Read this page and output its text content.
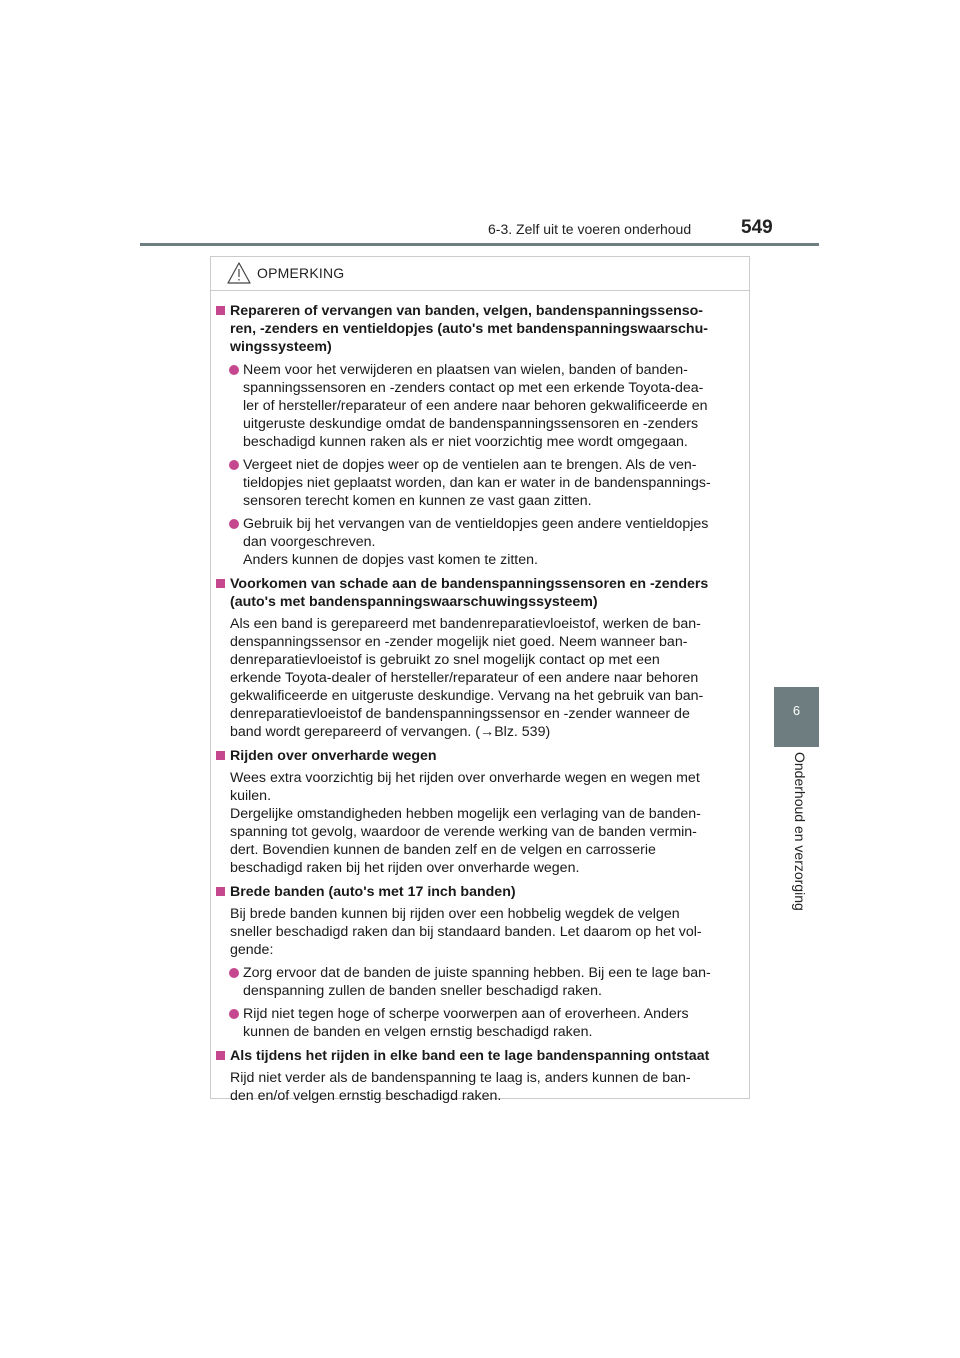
6-3. Zelf uit te voeren onderhoud	549
6
Onderhoud en verzorging
OPMERKING
Repareren of vervangen van banden, velgen, bandenspanningssenso-
ren, -zenders en ventieldopjes (auto's met bandenspanningswaarschu-
wingssysteem)
Neem voor het verwijderen en plaatsen van wielen, banden of banden-
spanningssensoren en -zenders contact op met een erkende Toyota-dea-
ler of hersteller/reparateur of een andere naar behoren gekwalificeerde en
uitgeruste deskundige omdat de bandenspanningssensoren en -zenders
beschadigd kunnen raken als er niet voorzichtig mee wordt omgegaan.
Vergeet niet de dopjes weer op de ventielen aan te brengen. Als de ven-
tieldopjes niet geplaatst worden, dan kan er water in de bandenspannings-
sensoren terecht komen en kunnen ze vast gaan zitten.
Gebruik bij het vervangen van de ventieldopjes geen andere ventieldopjes
dan voorgeschreven.
Anders kunnen de dopjes vast komen te zitten.
Voorkomen van schade aan de bandenspanningssensoren en -zenders
(auto's met bandenspanningswaarschuwingssysteem)
Als een band is gerepareerd met bandenreparatievloeistof, werken de ban-
denspanningssensor en -zender mogelijk niet goed. Neem wanneer ban-
denreparatievloeistof is gebruikt zo snel mogelijk contact op met een
erkende Toyota-dealer of hersteller/reparateur of een andere naar behoren
gekwalificeerde en uitgeruste deskundige. Vervang na het gebruik van ban-
denreparatievloeistof de bandenspanningssensor en -zender wanneer de
band wordt gerepareerd of vervangen. (→Blz. 539)
Rijden over onverharde wegen
Wees extra voorzichtig bij het rijden over onverharde wegen en wegen met
kuilen.
Dergelijke omstandigheden hebben mogelijk een verlaging van de banden-
spanning tot gevolg, waardoor de verende werking van de banden vermin-
dert. Bovendien kunnen de banden zelf en de velgen en carrosserie
beschadigd raken bij het rijden over onverharde wegen.
Brede banden (auto's met 17 inch banden)
Bij brede banden kunnen bij rijden over een hobbelig wegdek de velgen
sneller beschadigd raken dan bij standaard banden. Let daarom op het vol-
gende:
Zorg ervoor dat de banden de juiste spanning hebben. Bij een te lage ban-
denspanning zullen de banden sneller beschadigd raken.
Rijd niet tegen hoge of scherpe voorwerpen aan of eroverheen. Anders
kunnen de banden en velgen ernstig beschadigd raken.
Als tijdens het rijden in elke band een te lage bandenspanning ontstaat
Rijd niet verder als de bandenspanning te laag is, anders kunnen de ban-
den en/of velgen ernstig beschadigd raken.
